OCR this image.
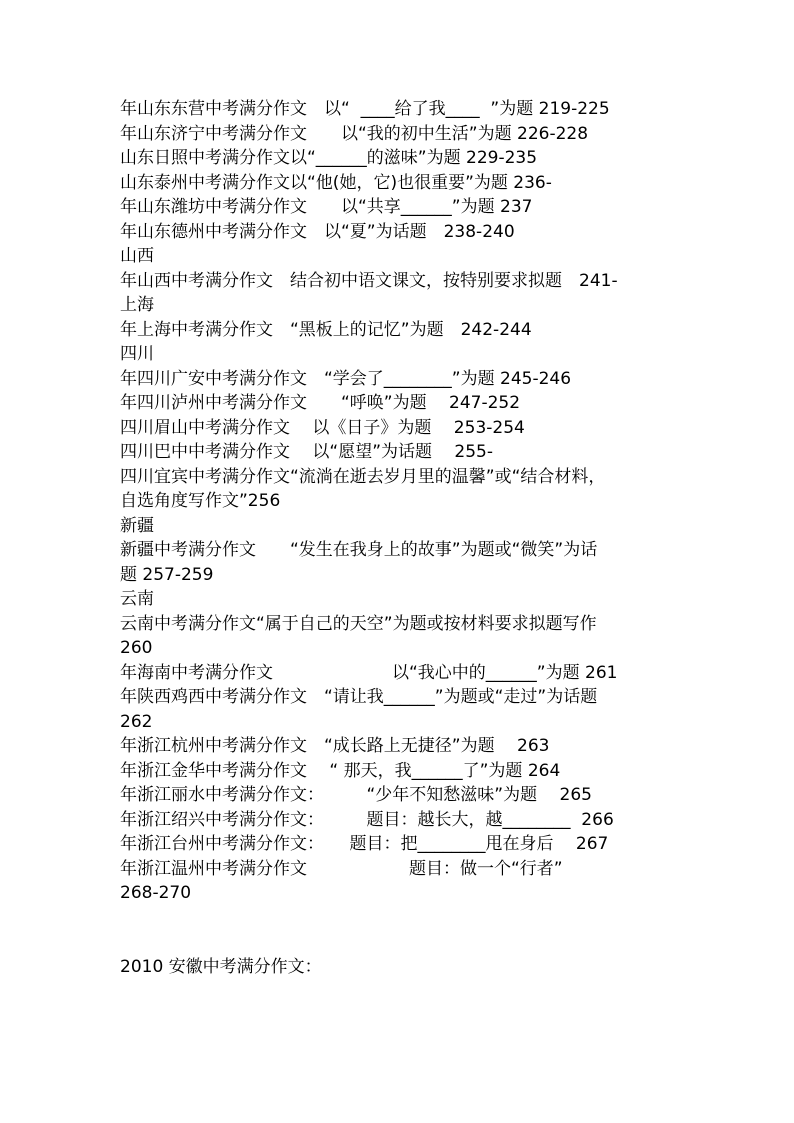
年山东东营中考满分作文　以“  ____给了我____  ”为题 219-225
年山东济宁中考满分作文　　以“我的初中生活”为题 226-228
山东日照中考满分作文以“______的滋味”为题 229-235
山东泰州中考满分作文以“他(她，它)也很重要”为题 236-
年山东潍坊中考满分作文　　以“共享______”为题 237
年山东德州中考满分作文　以“夏”为话题　238-240
山西
年山西中考满分作文　结合初中语文课文，按特别要求拟题　241-
上海
年上海中考满分作文　“黑板上的记忆”为题　242-244
四川
年四川广安中考满分作文　“学会了________”为题 245-246
年四川泸州中考满分作文　　“呼唤”为题　 247-252
四川眉山中考满分作文　 以《日子》为题　 253-254
四川巴中中考满分作文　 以“愿望”为话题　 255-
四川宜宾中考满分作文“流淌在逝去岁月里的温馨”或“结合材料，
自选角度写作文”256
新疆
新疆中考满分作文　　“发生在我身上的故事”为题或“微笑”为话
题 257-259
云南
云南中考满分作文“属于自己的天空”为题或按材料要求拟题写作
260
年海南中考满分作文　　　　　　　以“我心中的______”为题 261
年陕西鸡西中考满分作文　“请让我______”为题或“走过”为话题
262
年浙江杭州中考满分作文　“成长路上无捷径”为题　 263
年浙江金华中考满分作文　 “ 那天，我______了”为题 264
年浙江丽水中考满分作文：　　　“少年不知愁滋味”为题　 265
年浙江绍兴中考满分作文：　　　题目：越长大，越________  266
年浙江台州中考满分作文：　　题目：把________甩在身后　 267
年浙江温州中考满分作文　　　　　　题目：做一个“行者”
268-270
2010 安徽中考满分作文：
